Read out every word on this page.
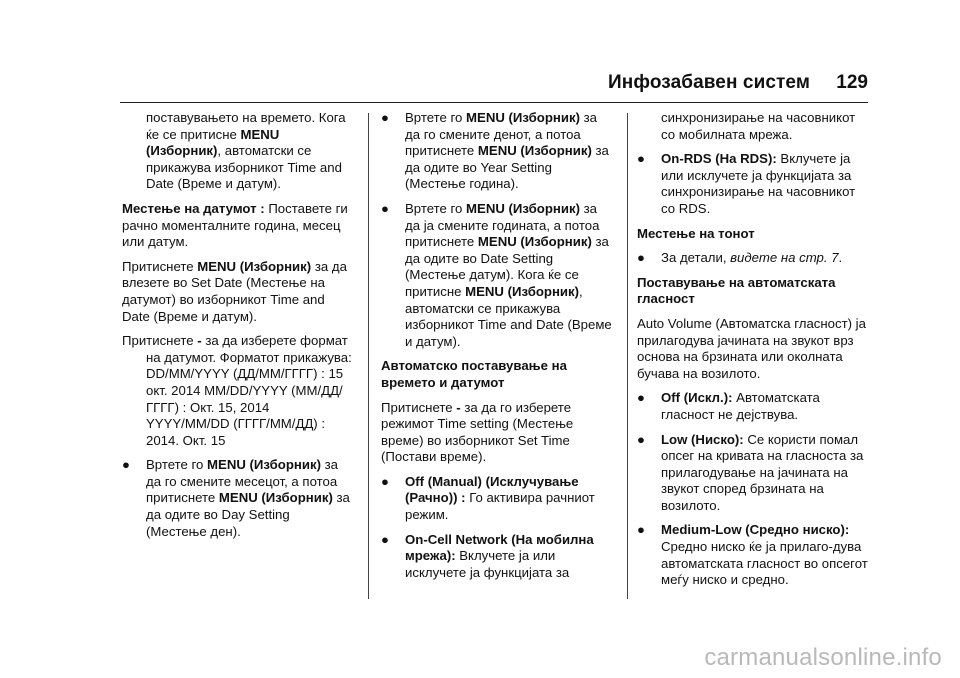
Инфозабавен систем 129

поставувањето на времето. Кога ќе се притисне MENU (Изборник), автоматски се прикажува изборникот Time and Date (Време и датум).

Местење на датумот : Поставете ги рачно моменталните година, месец или датум.

Притиснете MENU (Изборник) за да влезете во Set Date (Местење на датумот) во изборникот Time and Date (Време и датум).

Притиснете - за да изберете формат на датумот. Форматот прикажува: DD/MM/YYYY (ДД/ММ/ГГГГ) : 15 окт. 2014 MM/DD/YYYY (ММ/ДД/ГГГГ) : Окт. 15, 2014 YYYY/MM/DD (ГГГГ/ММ/ДД) : 2014. Окт. 15

● Вртете го MENU (Изборник) за да го смените месецот, а потоа притиснете MENU (Изборник) за да одите во Day Setting (Местење ден).

● Вртете го MENU (Изборник) за да го смените денот, а потоа притиснете MENU (Изборник) за да одите во Year Setting (Местење година).

● Вртете го MENU (Изборник) за да ја смените годината, а потоа притиснете MENU (Изборник) за да одите во Date Setting (Местење датум). Кога ќе се притисне MENU (Изборник), автоматски се прикажува изборникот Time and Date (Време и датум).

Автоматско поставување на времето и датумот

Притиснете - за да го изберете режимот Time setting (Местење време) во изборникот Set Time (Постави време).

● Off (Manual) (Исклучување (Рачно)) : Го активира рачниот режим.

● On-Cell Network (На мобилна мрежа): Вклучете ја или исклучете ја функцијата за

синхронизирање на часовникот со мобилната мрежа.

● On-RDS (На RDS): Вклучете ја или исклучете ја функцијата за синхронизирање на часовникот со RDS.

Местење на тонот

● За детали, видете на стр. 7.

Поставување на автоматската гласност

Auto Volume (Автоматска гласност) ја прилагодува јачината на звукот врз основа на брзината или околната бучава на возилото.

● Off (Искл.): Автоматската гласност не дејствува.

● Low (Ниско): Се користи помал опсег на кривата на гласноста за прилагодување на јачината на звукот според брзината на возилото.

● Medium-Low (Средно ниско): Средно ниско ќе ја прилаго-дува автоматската гласност во опсегот меѓу ниско и средно.

carmanualsonline.info
